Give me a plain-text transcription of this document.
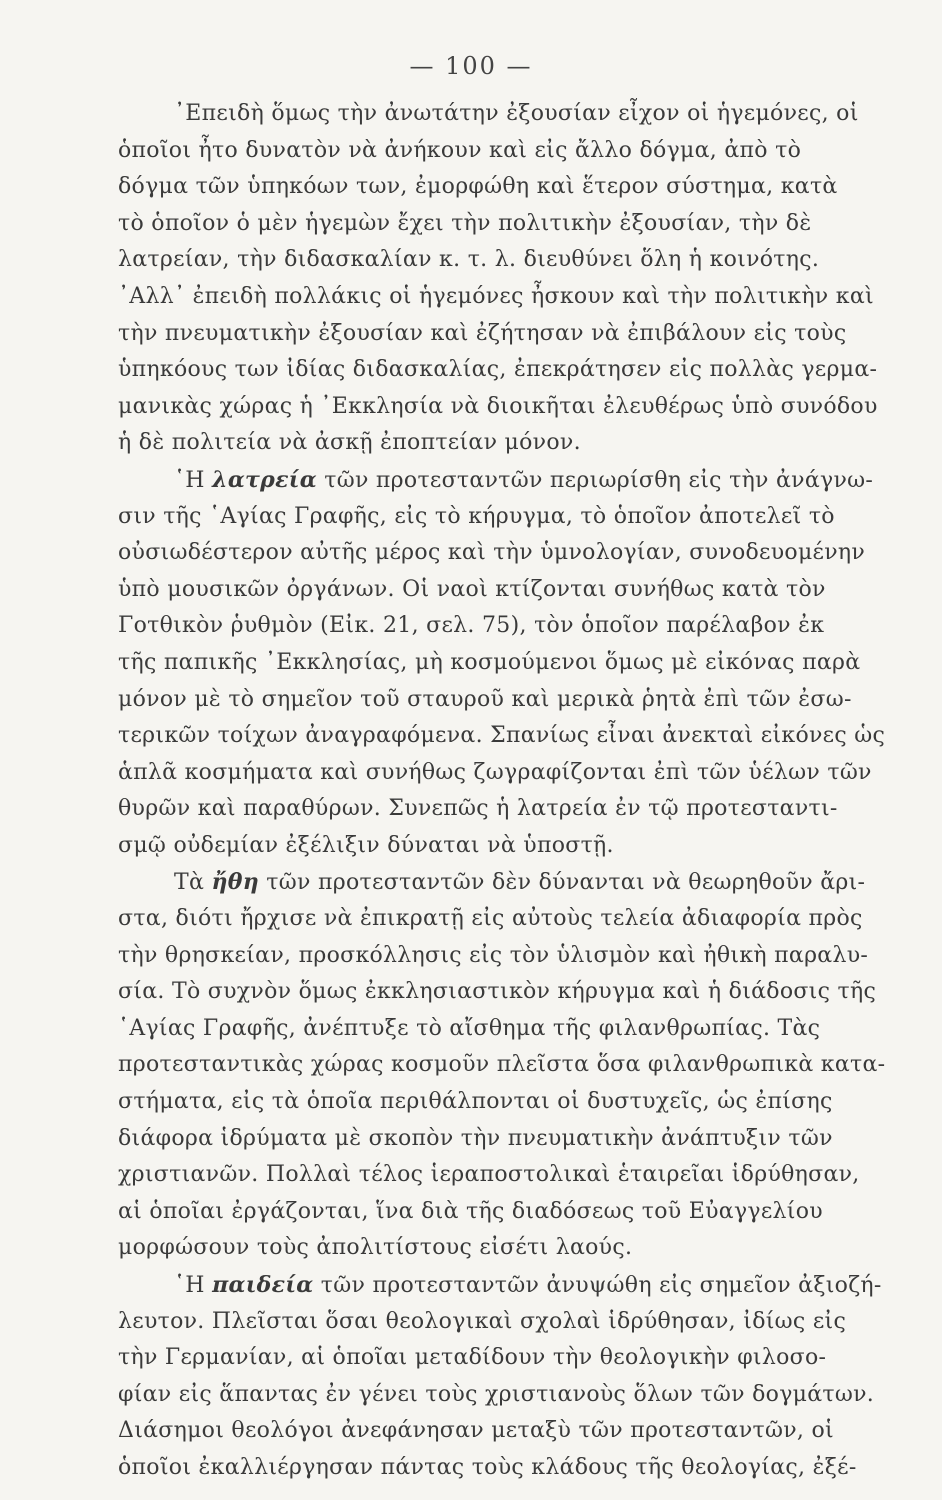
— 100 —
᾿Επειδὴ ὅμως τὴν ἀνωτάτην ἐξουσίαν εἶχον οἱ ἡγεμόνες, οἱ
ὁποῖοι ἦτο δυνατὸν νὰ ἀνήκουν καὶ εἰς ἄλλο δόγμα, ἀπὸ τὸ
δόγμα τῶν ὑπηκόων των, ἐμορφώθη καὶ ἕτερον σύστημα, κατὰ
τὸ ὁποῖον ὁ μὲν ἡγεμὼν ἔχει τὴν πολιτικὴν ἐξουσίαν, τὴν δὲ
λατρείαν, τὴν διδασκαλίαν κ. τ. λ. διευθύνει ὅλη ἡ κοινότης.
᾿Αλλ᾿ ἐπειδὴ πολλάκις οἱ ἡγεμόνες ἦσκουν καὶ τὴν πολιτικὴν καὶ
τὴν πνευματικὴν ἐξουσίαν καὶ ἐζήτησαν νὰ ἐπιβάλουν εἰς τοὺς
ὑπηκόους των ἰδίας διδασκαλίας, ἐπεκράτησεν εἰς πολλὰς γερμα-
μανικὰς χώρας ἡ ᾿Εκκλησία νὰ διοικῆται ἐλευθέρως ὑπὸ συνόδου
ἡ δὲ πολιτεία νὰ ἀσκῇ ἐποπτείαν μόνον.
῾Η λατρεία τῶν προτεσταντῶν περιωρίσθη εἰς τὴν ἀνάγνω-
σιν τῆς ῾Αγίας Γραφῆς, εἰς τὸ κήρυγμα, τὸ ὁποῖον ἀποτελεῖ τὸ
οὐσιωδέστερον αὐτῆς μέρος καὶ τὴν ὑμνολογίαν, συνοδευομένην
ὑπὸ μουσικῶν ὀργάνων. Οἱ ναοὶ κτίζονται συνήθως κατὰ τὸν
Γοτθικὸν ῥυθμὸν (Εἰκ. 21, σελ. 75), τὸν ὁποῖον παρέλαβον ἐκ
τῆς παπικῆς ᾿Εκκλησίας, μὴ κοσμούμενοι ὅμως μὲ εἰκόνας παρὰ
μόνον μὲ τὸ σημεῖον τοῦ σταυροῦ καὶ μερικὰ ῥητὰ ἐπὶ τῶν ἐσω-
τερικῶν τοίχων ἀναγραφόμενα. Σπανίως εἶναι ἀνεκταὶ εἰκόνες ὡς
ἁπλᾶ κοσμήματα καὶ συνήθως ζωγραφίζονται ἐπὶ τῶν ὑέλων τῶν
θυρῶν καὶ παραθύρων. Συνεπῶς ἡ λατρεία ἐν τῷ προτεσταντι-
σμῷ οὐδεμίαν ἐξέλιξιν δύναται νὰ ὑποστῇ.
Τὰ ἤθη τῶν προτεσταντῶν δὲν δύνανται νὰ θεωρηθοῦν ἄρι-
στα, διότι ἤρχισε νὰ ἐπικρατῇ εἰς αὐτοὺς τελεία ἀδιαφορία πρὸς
τὴν θρησκείαν, προσκόλλησις εἰς τὸν ὑλισμὸν καὶ ἠθικὴ παραλυ-
σία. Τὸ συχνὸν ὅμως ἐκκλησιαστικὸν κήρυγμα καὶ ἡ διάδοσις τῆς
῾Αγίας Γραφῆς, ἀνέπτυξε τὸ αἴσθημα τῆς φιλανθρωπίας. Τὰς
προτεσταντικὰς χώρας κοσμοῦν πλεῖστα ὅσα φιλανθρωπικὰ κατα-
στήματα, εἰς τὰ ὁποῖα περιθάλπονται οἱ δυστυχεῖς, ὡς ἐπίσης
διάφορα ἱδρύματα μὲ σκοπὸν τὴν πνευματικὴν ἀνάπτυξιν τῶν
χριστιανῶν. Πολλαὶ τέλος ἱεραποστολικαὶ ἑταιρεῖαι ἱδρύθησαν,
αἱ ὁποῖαι ἐργάζονται, ἵνα διὰ τῆς διαδόσεως τοῦ Εὐαγγελίου
μορφώσουν τοὺς ἀπολιτίστους εἰσέτι λαούς.
῾Η παιδεία τῶν προτεσταντῶν ἀνυψώθη εἰς σημεῖον ἀξιοζή-
λευτον. Πλεῖσται ὅσαι θεολογικαὶ σχολαὶ ἱδρύθησαν, ἰδίως εἰς
τὴν Γερμανίαν, αἱ ὁποῖαι μεταδίδουν τὴν θεολογικὴν φιλοσο-
φίαν εἰς ἅπαντας ἐν γένει τοὺς χριστιανοὺς ὅλων τῶν δογμάτων.
Διάσημοι θεολόγοι ἀνεφάνησαν μεταξὺ τῶν προτεσταντῶν, οἱ
ὁποῖοι ἐκαλλιέργησαν πάντας τοὺς κλάδους τῆς θεολογίας, ἐξέ-
